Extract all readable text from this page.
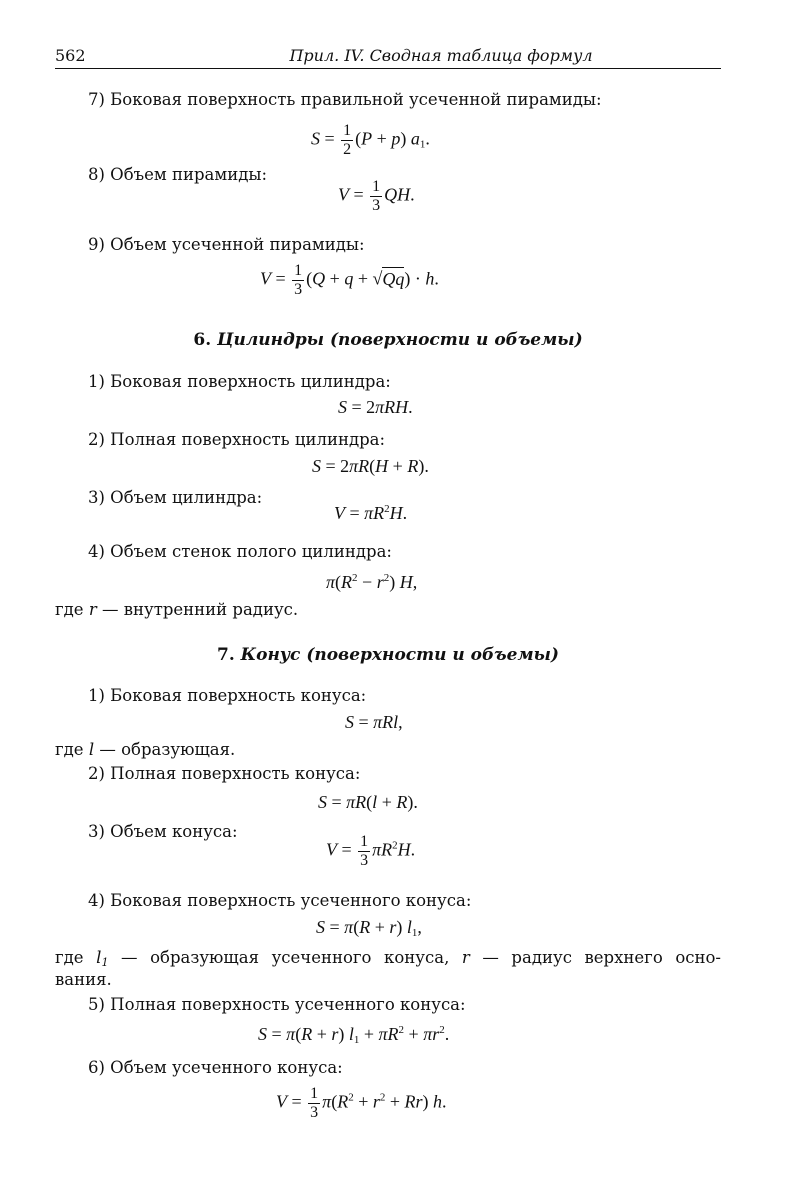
562	Прил. IV. Сводная таблица формул
7) Боковая поверхность правильной усеченной пирамиды:
$S = \frac{1}{2} (P + p)$ $a_1$.
8) Объем пирамиды:
$V = \frac{1}{3}$ QH.
9) Объем усеченной пирамиды:
$V = \frac{1}{3} (Q + q + √Qq) \cdot h$.
6. Цилиндры (поверхности и объемы)
1) Боковая поверхность цилиндра:
S = 2πRH.
2) Полная поверхность цилиндра:
S = 2πR(H + R).
3) Объем цилиндра:
$V = \pi R^2H$.
4) Объем стенок полого цилиндра:
$\pi(R^2 - r^2)$ H,
где r — внутренний радиус.
7. Конус (поверхности и объемы)
1) Боковая поверхность конуса:
S = πRl,
где l — образующая.
2) Полная поверхность конуса:
S = πR(l + R).
3) Объем конуса:
$V = \frac{1}{3} \pi R^2H$.
4) Боковая поверхность усеченного конуса:
S = π(R + r) $l_1$,
где $l_1$ — образующая усеченного конуса, r — радиус верхнего осно-
вания.
5) Полная поверхность усеченного конуса:
S = π(R + r) $l_1 + \pi R^2 + \pi r^2$.
6) Объем усеченного конуса:
$V = \frac{1}{3} \pi(R^2 + r^2 + Rr)$ h.
